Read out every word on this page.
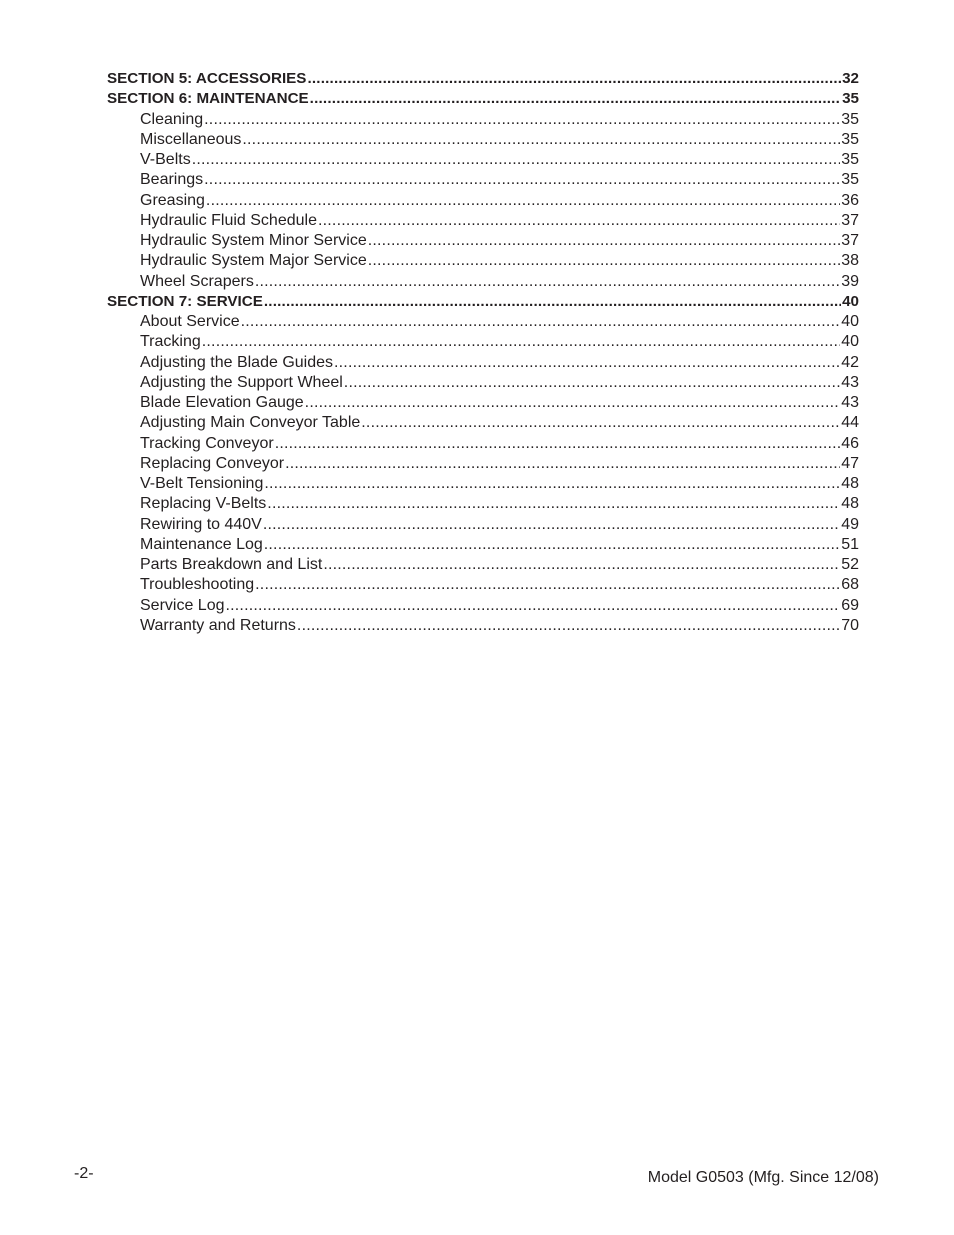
SECTION 5: ACCESSORIES .....	32
SECTION 6: MAINTENANCE .....	35
Cleaning .....	35
Miscellaneous .....	35
V-Belts .....	35
Bearings .....	35
Greasing .....	36
Hydraulic Fluid Schedule .....	37
Hydraulic System Minor Service .....	37
Hydraulic System Major Service .....	38
Wheel Scrapers .....	39
SECTION 7: SERVICE .....	40
About Service .....	40
Tracking .....	40
Adjusting the Blade Guides .....	42
Adjusting the Support Wheel .....	43
Blade Elevation Gauge .....	43
Adjusting Main Conveyor Table .....	44
Tracking Conveyor .....	46
Replacing Conveyor .....	47
V-Belt Tensioning .....	48
Replacing V-Belts .....	48
Rewiring to 440V .....	49
Maintenance Log .....	51
Parts Breakdown and List .....	52
Troubleshooting .....	68
Service Log .....	69
Warranty and Returns .....	70
-2-	Model G0503 (Mfg. Since 12/08)
